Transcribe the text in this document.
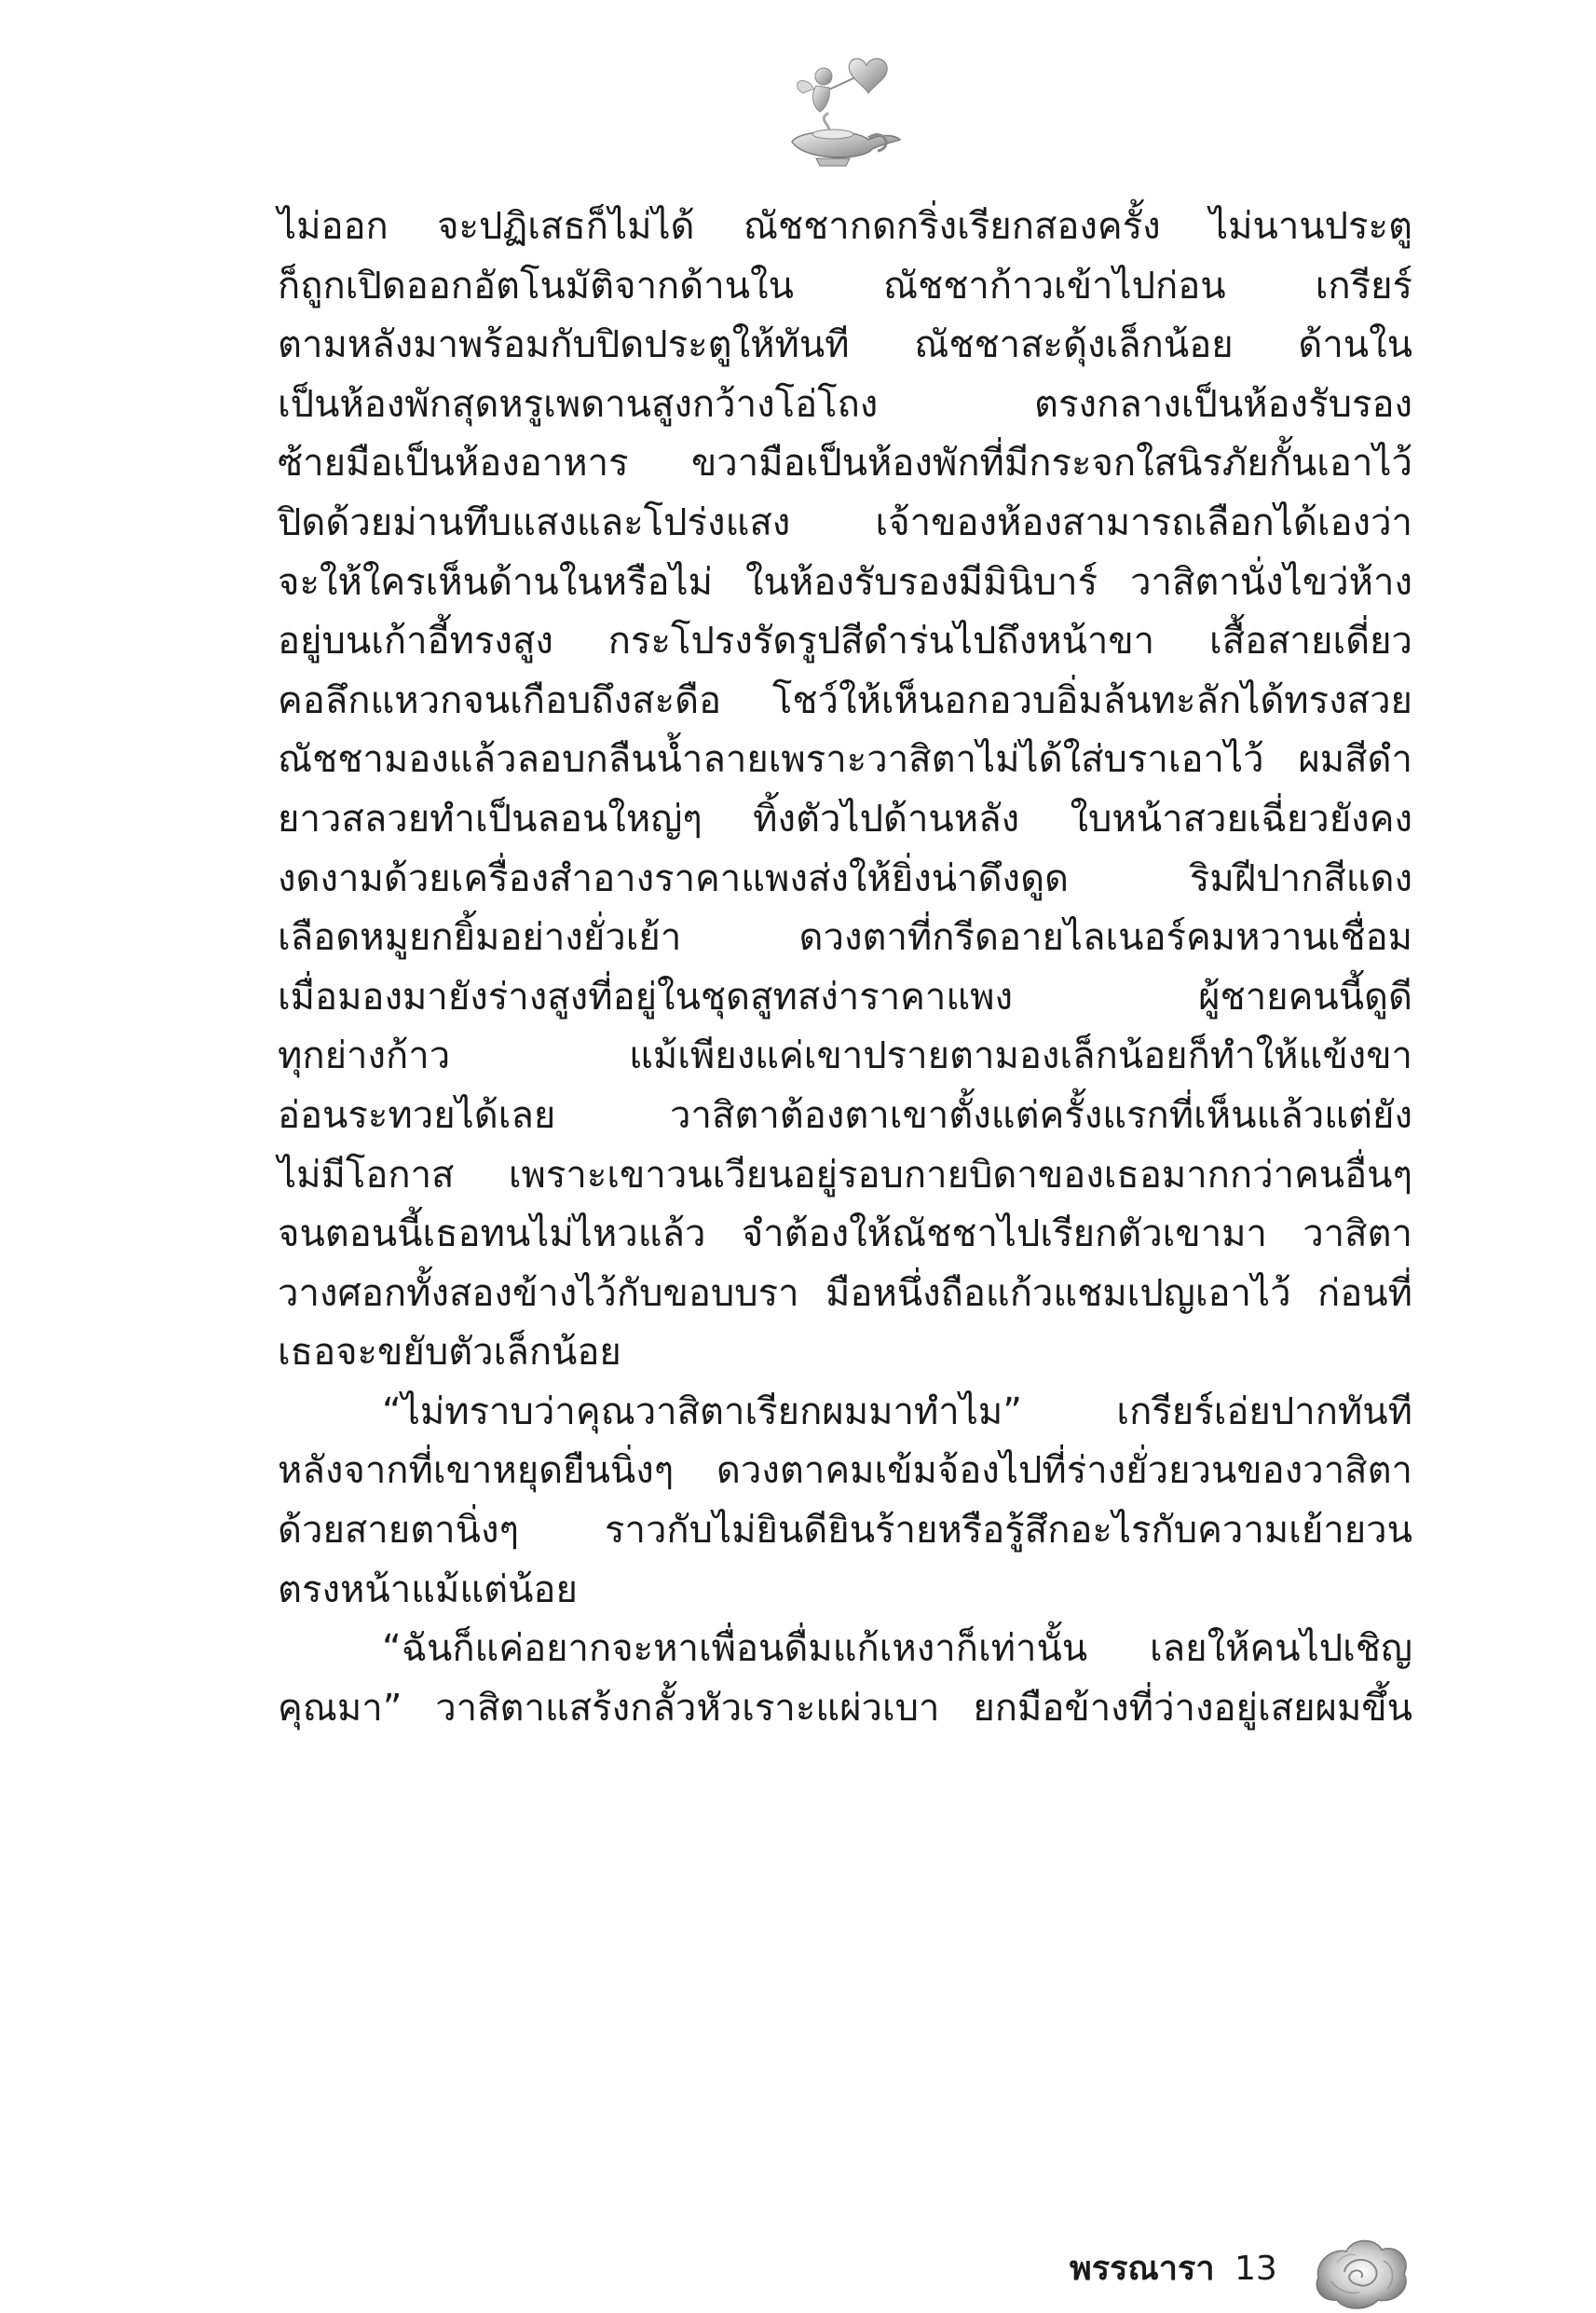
ไม่ออก จะปฏิเสธก็ไม่ได้ ณัชชากดกริ่งเรียกสองครั้ง ไม่นานประตู
ก็ถูกเปิดออกอัตโนมัติจากด้านใน ณัชชาก้าวเข้าไปก่อน เกรียร์
ตามหลังมาพร้อมกับปิดประตูให้ทันที ณัชชาสะดุ้งเล็กน้อย ด้านใน
เป็นห้องพักสุดหรูเพดานสูงกว้างโอ่โถง ตรงกลางเป็นห้องรับรอง
ซ้ายมือเป็นห้องอาหาร ขวามือเป็นห้องพักที่มีกระจกใสนิรภัยกั้นเอาไว้
ปิดด้วยม่านทึบแสงและโปร่งแสง เจ้าของห้องสามารถเลือกได้เองว่า
จะให้ใครเห็นด้านในหรือไม่ ในห้องรับรองมีมินิบาร์ วาสิตานั่งไขว่ห้าง
อยู่บนเก้าอี้ทรงสูง กระโปรงรัดรูปสีดำร่นไปถึงหน้าขา เสื้อสายเดี่ยว
คอลึกแหวกจนเกือบถึงสะดือ โชว์ให้เห็นอกอวบอิ่มล้นทะลักได้ทรงสวย
ณัชชามองแล้วลอบกลืนน้ำลายเพราะวาสิตาไม่ได้ใส่บราเอาไว้ ผมสีดำ
ยาวสลวยทำเป็นลอนใหญ่ๆ ทิ้งตัวไปด้านหลัง ใบหน้าสวยเฉี่ยวยังคง
งดงามด้วยเครื่องสำอางราคาแพงส่งให้ยิ่งน่าดึงดูด ริมฝีปากสีแดง
เลือดหมูยกยิ้มอย่างยั่วเย้า ดวงตาที่กรีดอายไลเนอร์คมหวานเชื่อม
เมื่อมองมายังร่างสูงที่อยู่ในชุดสูทสง่าราคาแพง ผู้ชายคนนี้ดูดี
ทุกย่างก้าว แม้เพียงแค่เขาปรายตามองเล็กน้อยก็ทำให้แข้งขา
อ่อนระทวยได้เลย วาสิตาต้องตาเขาตั้งแต่ครั้งแรกที่เห็นแล้วแต่ยัง
ไม่มีโอกาส เพราะเขาวนเวียนอยู่รอบกายบิดาของเธอมากกว่าคนอื่นๆ
จนตอนนี้เธอทนไม่ไหวแล้ว จำต้องให้ณัชชาไปเรียกตัวเขามา วาสิตา
วางศอกทั้งสองข้างไว้กับขอบบรา มือหนึ่งถือแก้วแชมเปญเอาไว้ ก่อนที่
เธอจะขยับตัวเล็กน้อย
“ไม่ทราบว่าคุณวาสิตาเรียกผมมาทำไม” เกรียร์เอ่ยปากทันที
หลังจากที่เขาหยุดยืนนิ่งๆ ดวงตาคมเข้มจ้องไปที่ร่างยั่วยวนของวาสิตา
ด้วยสายตานิ่งๆ ราวกับไม่ยินดียินร้ายหรือรู้สึกอะไรกับความเย้ายวน
ตรงหน้าแม้แต่น้อย
“ฉันก็แค่อยากจะหาเพื่อนดื่มแก้เหงาก็เท่านั้น เลยให้คนไปเชิญ
คุณมา” วาสิตาแสร้งกลั้วหัวเราะแผ่วเบา ยกมือข้างที่ว่างอยู่เสยผมขึ้น
พรรณารา 13
